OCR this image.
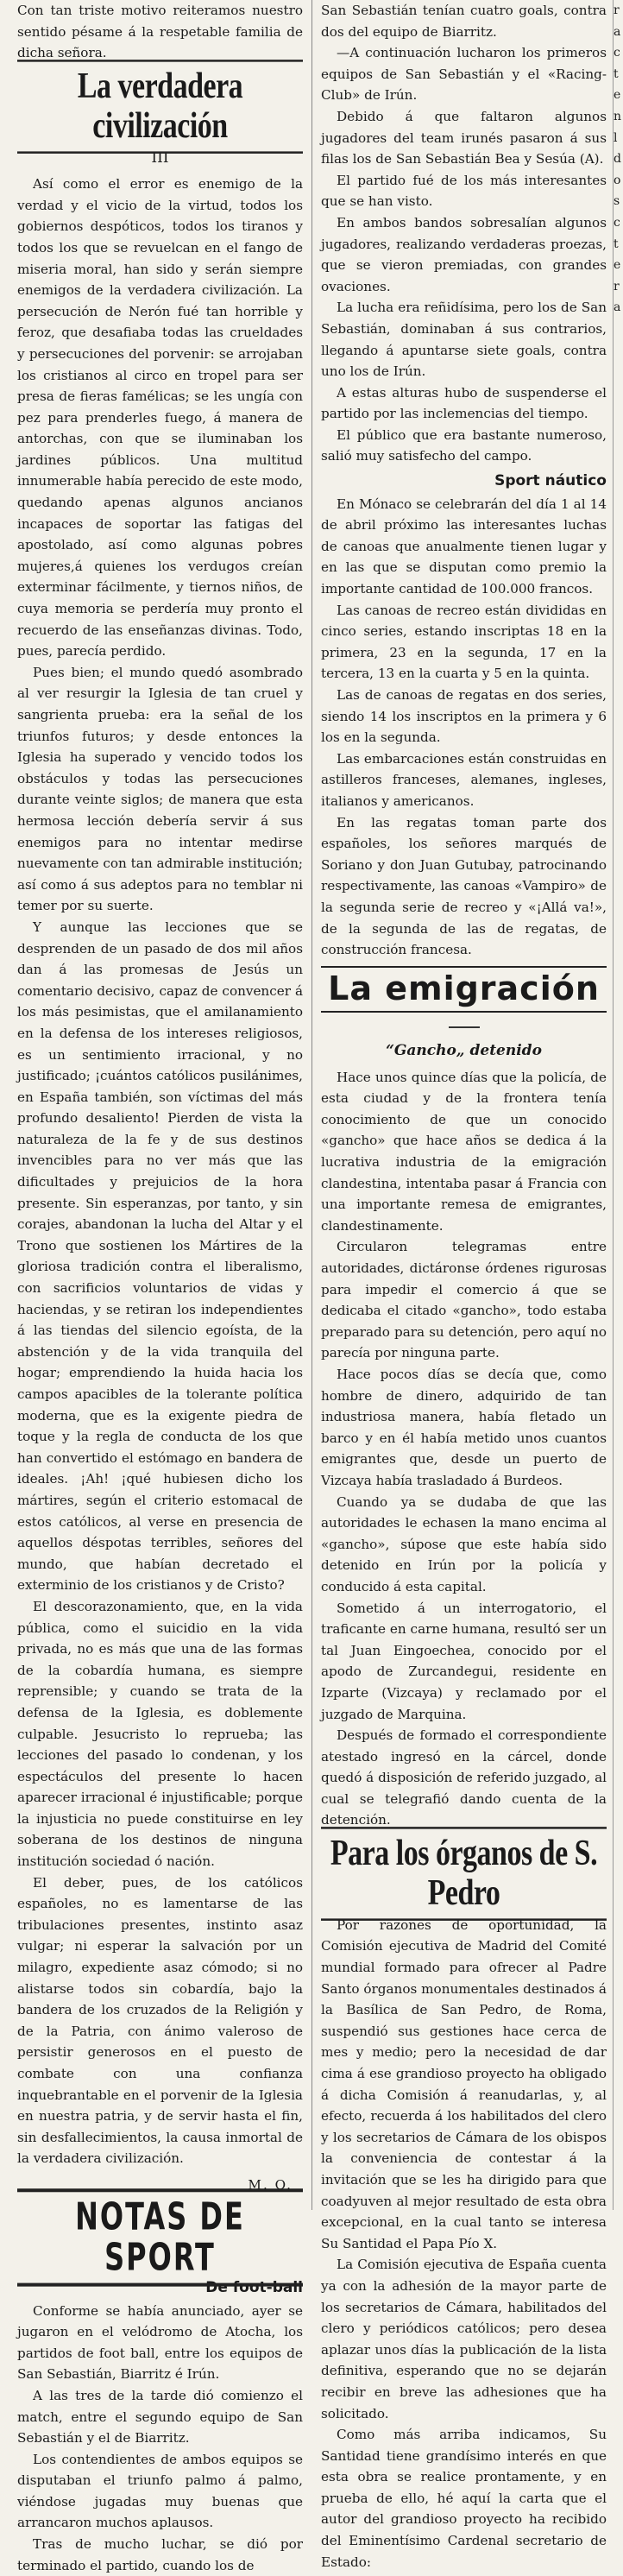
Con tan triste motivo reiteramos nuestro sentido pésame á la respetable familia de dicha señora.

La verdadera civilización
III

Así como el error es enemigo de la verdad y el vicio de la virtud, todos los gobiernos despóticos, todos los tiranos y todos los que se revuelcan en el fango de miseria moral, han sido y serán siempre enemigos de la verdadera civilización. La persecución de Nerón fué tan horrible y feroz, que desafiaba todas las crueldades y persecuciones del porvenir: se arrojaban los cristianos al circo en tropel para ser presa de fieras famélicas; se les ungía con pez para prenderles fuego, á manera de antorchas, con que se iluminaban los jardines públicos. Una multitud innumerable había perecido de este modo, quedando apenas algunos ancianos incapaces de soportar las fatigas del apostolado, así como algunas pobres mujeres,á quienes los verdugos creían exterminar fácilmente, y tiernos niños, de cuya memoria se perdería muy pronto el recuerdo de las enseñanzas divinas. Todo, pues, parecía perdido.

Pues bien; el mundo quedó asombrado al ver resurgir la Iglesia de tan cruel y sangrienta prueba: era la señal de los triunfos futuros; y desde entonces la Iglesia ha superado y vencido todos los obstáculos y todas las persecuciones durante veinte siglos; de manera que esta hermosa lección debería servir á sus enemigos para no intentar medirse nuevamente con tan admirable institución; así como á sus adeptos para no temblar ni temer por su suerte.

Y aunque las lecciones que se desprenden de un pasado de dos mil años dan á las promesas de Jesús un comentario decisivo, capaz de convencer á los más pesimistas, que el amilanamiento en la defensa de los intereses religiosos, es un sentimiento irracional, y no justificado; ¡cuántos católicos pusilánimes, en España también, son víctimas del más profundo desaliento! Pierden de vista la naturaleza de la fe y de sus destinos invencibles para no ver más que las dificultades y prejuicios de la hora presente. Sin esperanzas, por tanto, y sin corajes, abandonan la lucha del Altar y el Trono que sostienen los Mártires de la gloriosa tradición contra el liberalismo, con sacrificios voluntarios de vidas y haciendas, y se retiran los independientes á las tiendas del silencio egoísta, de la abstención y de la vida tranquila del hogar; emprendiendo la huida hacia los campos apacibles de la tolerante política moderna, que es la exigente piedra de toque y la regla de conducta de los que han convertido el estómago en bandera de ideales. ¡Ah! ¡qué hubiesen dicho los mártires, según el criterio estomacal de estos católicos, al verse en presencia de aquellos déspotas terribles, señores del mundo, que habían decretado el exterminio de los cristianos y de Cristo?

El descorazonamiento, que, en la vida pública, como el suicidio en la vida privada, no es más que una de las formas de la cobardía humana, es siempre reprensible; y cuando se trata de la defensa de la Iglesia, es doblemente culpable. Jesucristo lo reprueba; las lecciones del pasado lo condenan, y los espectáculos del presente lo hacen aparecer irracional é injustificable; porque la injusticia no puede constituirse en ley soberana de los destinos de ninguna institución sociedad ó nación.

El deber, pues, de los católicos españoles, no es lamentarse de las tribulaciones presentes, instinto asaz vulgar; ni esperar la salvación por un milagro, expediente asaz cómodo; si no alistarse todos sin cobardía, bajo la bandera de los cruzados de la Religión y de la Patria, con ánimo valeroso de persistir generosos en el puesto de combate con una confianza inquebrantable en el porvenir de la Iglesia en nuestra patria, y de servir hasta el fin, sin desfallecimientos, la causa inmortal de la verdadera civilización.

M. O.
NOTAS DE SPORT
De foot-ball

Conforme se había anunciado, ayer se jugaron en el velódromo de Atocha, los partidos de foot ball, entre los equipos de San Sebastián, Biarritz é Irún.

A las tres de la tarde dió comienzo el match, entre el segundo equipo de San Sebastián y el de Biarritz.

Los contendientes de ambos equipos se disputaban el triunfo palmo á palmo, viéndose jugadas muy buenas que arrancaron muchos aplausos.

Tras de mucho luchar, se dió por terminado el partido, cuando los de

San Sebastián tenían cuatro goals, contra dos del equipo de Biarritz.

—A continuación lucharon los primeros equipos de San Sebastián y el «Racing-Club» de Irún.

Debido á que faltaron algunos jugadores del team irunés pasaron á sus filas los de San Sebastián Bea y Sesúa (A).

El partido fué de los más interesantes que se han visto.

En ambos bandos sobresalían algunos jugadores, realizando verdaderas proezas, que se vieron premiadas, con grandes ovaciones.

La lucha era reñidísima, pero los de San Sebastián, dominaban á sus contrarios, llegando á apuntarse siete goals, contra uno los de Irún.

A estas alturas hubo de suspenderse el partido por las inclemencias del tiempo.

El público que era bastante numeroso, salió muy satisfecho del campo.

Sport náutico

En Mónaco se celebrarán del día 1 al 14 de abril próximo las interesantes luchas de canoas que anualmente tienen lugar y en las que se disputan como premio la importante cantidad de 100.000 francos.

Las canoas de recreo están divididas en cinco series, estando inscriptas 18 en la primera, 23 en la segunda, 17 en la tercera, 13 en la cuarta y 5 en la quinta.

Las de canoas de regatas en dos series, siendo 14 los inscriptos en la primera y 6 los en la segunda.

Las embarcaciones están construidas en astilleros franceses, alemanes, ingleses, italianos y americanos.

En las regatas toman parte dos españoles, los señores marqués de Soriano y don Juan Gutubay, patrocinando respectivamente, las canoas «Vampiro» de la segunda serie de recreo y «¡Allá va!», de la segunda de las de regatas, de construcción francesa.

La emigración
“Gancho„ detenido

Hace unos quince días que la policía, de esta ciudad y de la frontera tenía conocimiento de que un conocido «gancho» que hace años se dedica á la lucrativa industria de la emigración clandestina, intentaba pasar á Francia con una importante remesa de emigrantes, clandestinamente.

Circularon telegramas entre autoridades, dictáronse órdenes rigurosas para impedir el comercio á que se dedicaba el citado «gancho», todo estaba preparado para su detención, pero aquí no parecía por ninguna parte.

Hace pocos días se decía que, como hombre de dinero, adquirido de tan industriosa manera, había fletado un barco y en él había metido unos cuantos emigrantes que, desde un puerto de Vizcaya había trasladado á Burdeos.

Cuando ya se dudaba de que las autoridades le echasen la mano encima al «gancho», súpose que este había sido detenido en Irún por la policía y conducido á esta capital.

Sometido á un interrogatorio, el traficante en carne humana, resultó ser un tal Juan Eingoechea, conocido por el apodo de Zurcandegui, residente en Izparte (Vizcaya) y reclamado por el juzgado de Marquina.

Después de formado el correspondiente atestado ingresó en la cárcel, donde quedó á disposición de referido juzgado, al cual se telegrafió dando cuenta de la detención.

Para los órganos de S. Pedro

Por razones de oportunidad, la Comisión ejecutiva de Madrid del Comité mundial formado para ofrecer al Padre Santo órganos monumentales destinados á la Basílica de San Pedro, de Roma, suspendió sus gestiones hace cerca de mes y medio; pero la necesidad de dar cima á ese grandioso proyecto ha obligado á dicha Comisión á reanudarlas, y, al efecto, recuerda á los habilitados del clero y los secretarios de Cámara de los obispos la conveniencia de contestar á la invitación que se les ha dirigido para que coadyuven al mejor resultado de esta obra excepcional, en la cual tanto se interesa Su Santidad el Papa Pío X.

La Comisión ejecutiva de España cuenta ya con la adhesión de la mayor parte de los secretarios de Cámara, habilitados del clero y periódicos católicos; pero desea aplazar unos días la publicación de la lista definitiva, esperando que no se dejarán recibir en breve las adhesiones que ha solicitado.

Como más arriba indicamos, Su Santidad tiene grandísimo interés en que esta obra se realice prontamente, y en prueba de ello, hé aquí la carta que el autor del grandioso proyecto ha recibido del Eminentísimo Cardenal secretario de Estado:

r
a
c
t
e
n
l
d
o
s
c
t
e
r
a
